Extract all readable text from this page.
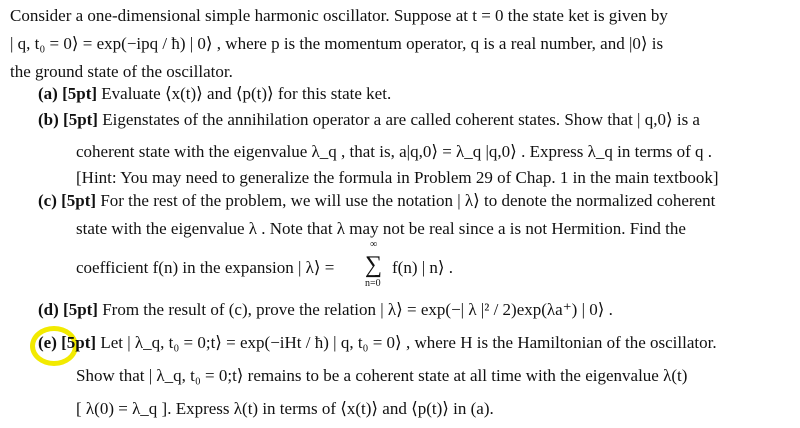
Consider a one-dimensional simple harmonic oscillator. Suppose at t = 0 the state ket is given by
| q, t₀ = 0⟩ = exp(−ipq / ħ) | 0⟩ , where p is the momentum operator, q is a real number, and |0⟩ is
the ground state of the oscillator.
(a) [5pt] Evaluate ⟨x(t)⟩ and ⟨p(t)⟩ for this state ket.
(b) [5pt] Eigenstates of the annihilation operator a are called coherent states. Show that | q,0⟩ is a
coherent state with the eigenvalue λ_q , that is, a|q,0⟩ = λ_q |q,0⟩ . Express λ_q in terms of q .
[Hint: You may need to generalize the formula in Problem 29 of Chap. 1 in the main textbook]
(c) [5pt] For the rest of the problem, we will use the notation | λ⟩ to denote the normalized coherent
state with the eigenvalue λ . Note that λ may not be real since a is not Hermition. Find the
coefficient f(n) in the expansion | λ⟩ =
∞
∑
n=0
f(n) | n⟩ .
(d) [5pt] From the result of (c), prove the relation | λ⟩ = exp(−| λ |² / 2)exp(λa⁺) | 0⟩ .
(e) [5pt] Let | λ_q, t₀ = 0;t⟩ = exp(−iHt / ħ) | q, t₀ = 0⟩ , where H is the Hamiltonian of the oscillator.
Show that | λ_q, t₀ = 0;t⟩ remains to be a coherent state at all time with the eigenvalue λ(t)
[ λ(0) = λ_q ]. Express λ(t) in terms of ⟨x(t)⟩ and ⟨p(t)⟩ in (a).
